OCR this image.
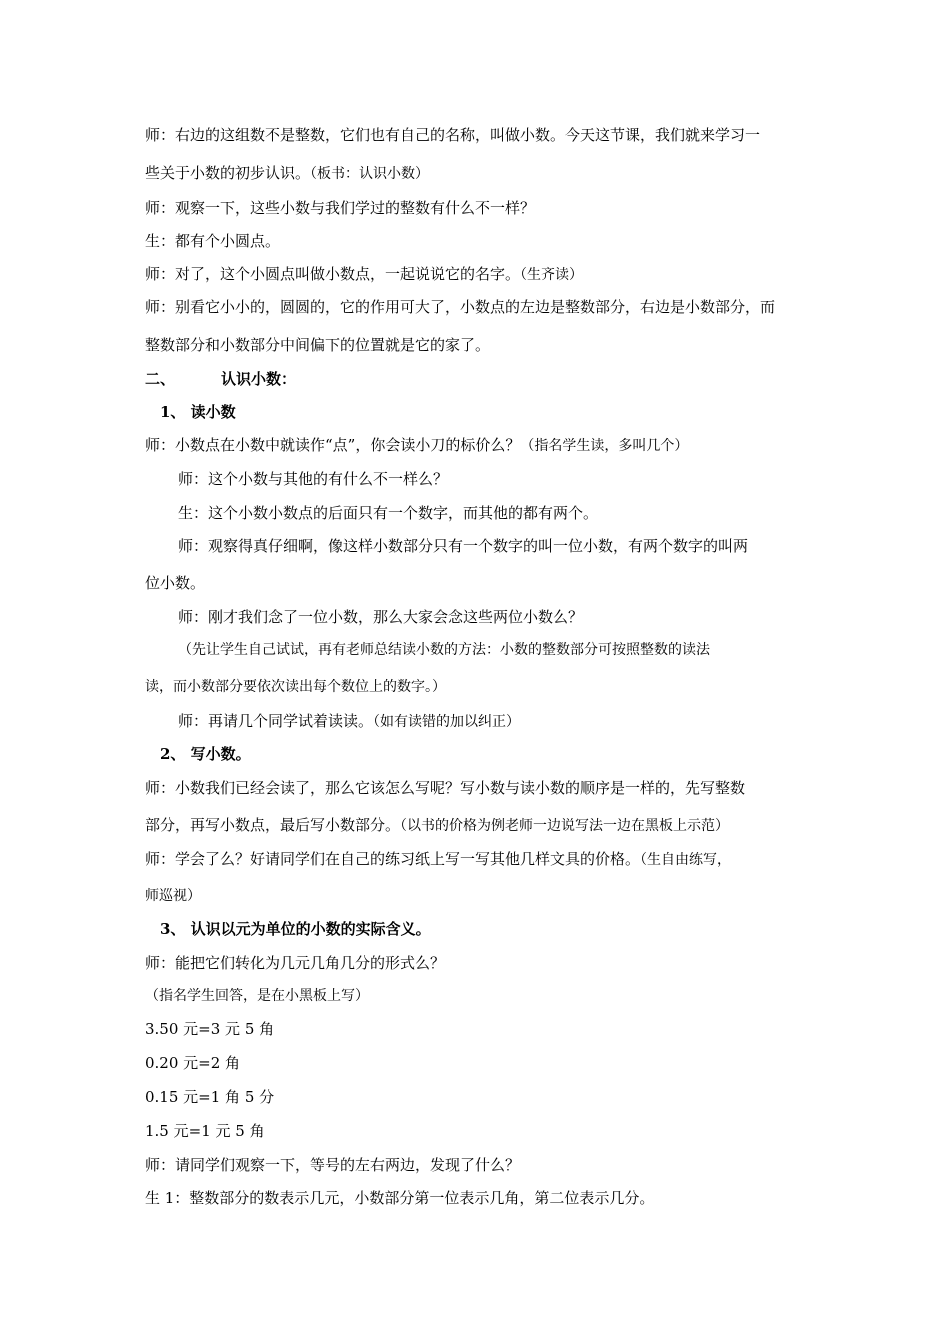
师：右边的这组数不是整数，它们也有自己的名称，叫做小数。今天这节课，我们就来学习一
些关于小数的初步认识。（板书：认识小数）
师：观察一下，这些小数与我们学过的整数有什么不一样？
生：都有个小圆点。
师：对了，这个小圆点叫做小数点，一起说说它的名字。（生齐读）
师：别看它小小的，圆圆的，它的作用可大了，小数点的左边是整数部分，右边是小数部分，而
整数部分和小数部分中间偏下的位置就是它的家了。
二、	认识小数：
1、 读小数
师：小数点在小数中就读作“点”，你会读小刀的标价么？（指名学生读，多叫几个）
师：这个小数与其他的有什么不一样么？
生：这个小数小数点的后面只有一个数字，而其他的都有两个。
师：观察得真仔细啊，像这样小数部分只有一个数字的叫一位小数，有两个数字的叫两
位小数。
师：刚才我们念了一位小数，那么大家会念这些两位小数么？
（先让学生自己试试，再有老师总结读小数的方法：小数的整数部分可按照整数的读法
读，而小数部分要依次读出每个数位上的数字。）
师：再请几个同学试着读读。（如有读错的加以纠正）
2、 写小数。
师：小数我们已经会读了，那么它该怎么写呢？写小数与读小数的顺序是一样的，先写整数
部分，再写小数点，最后写小数部分。（以书的价格为例老师一边说写法一边在黑板上示范）
师：学会了么？好请同学们在自己的练习纸上写一写其他几样文具的价格。（生自由练写，
师巡视）
3、 认识以元为单位的小数的实际含义。
师：能把它们转化为几元几角几分的形式么？
（指名学生回答，是在小黑板上写）
3.50 元=3 元 5 角
0.20 元=2 角
0.15 元=1 角 5 分
1.5 元=1 元 5 角
师：请同学们观察一下，等号的左右两边，发现了什么？
生 1：整数部分的数表示几元，小数部分第一位表示几角，第二位表示几分。
